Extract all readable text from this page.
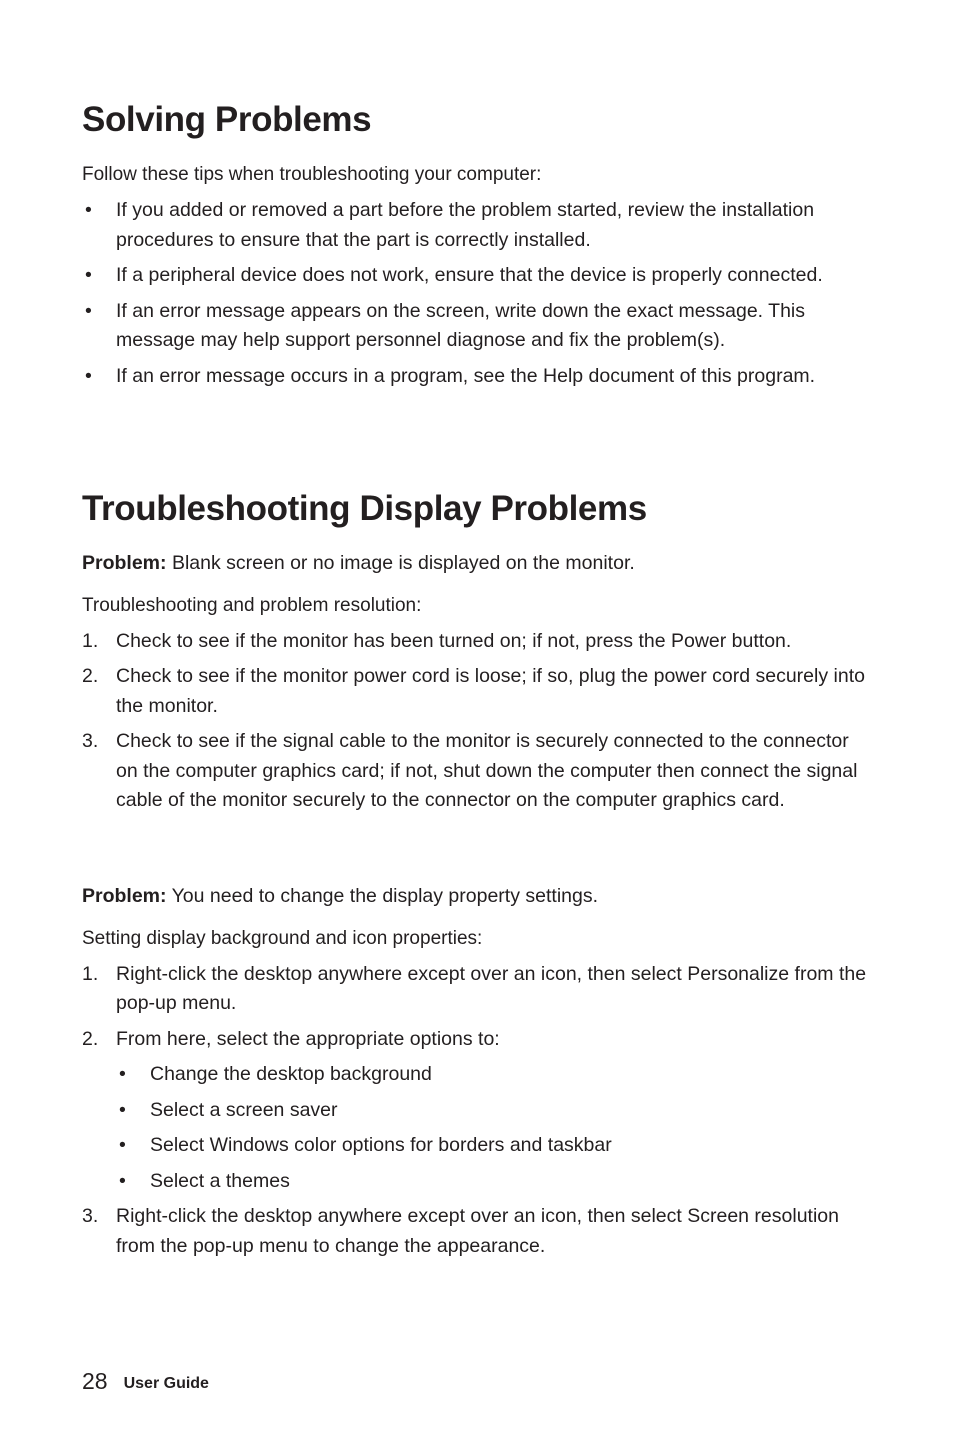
Solving Problems

Follow these tips when troubleshooting your computer:

• If you added or removed a part before the problem started, review the installation procedures to ensure that the part is correctly installed.
• If a peripheral device does not work, ensure that the device is properly connected.
• If an error message appears on the screen, write down the exact message. This message may help support personnel diagnose and fix the problem(s).
• If an error message occurs in a program, see the Help document of this program.
Troubleshooting Display Problems

Problem: Blank screen or no image is displayed on the monitor.

Troubleshooting and problem resolution:

1. Check to see if the monitor has been turned on; if not, press the Power button.
2. Check to see if the monitor power cord is loose; if so, plug the power cord securely into the monitor.
3. Check to see if the signal cable to the monitor is securely connected to the connector on the computer graphics card; if not, shut down the computer then connect the signal cable of the monitor securely to the connector on the computer graphics card.

Problem: You need to change the display property settings.

Setting display background and icon properties:

1. Right-click the desktop anywhere except over an icon, then select Personalize from the pop-up menu.
2. From here, select the appropriate options to:
• Change the desktop background
• Select a screen saver
• Select Windows color options for borders and taskbar
• Select a themes
3. Right-click the desktop anywhere except over an icon, then select Screen resolution from the pop-up menu to change the appearance.
28 User Guide
